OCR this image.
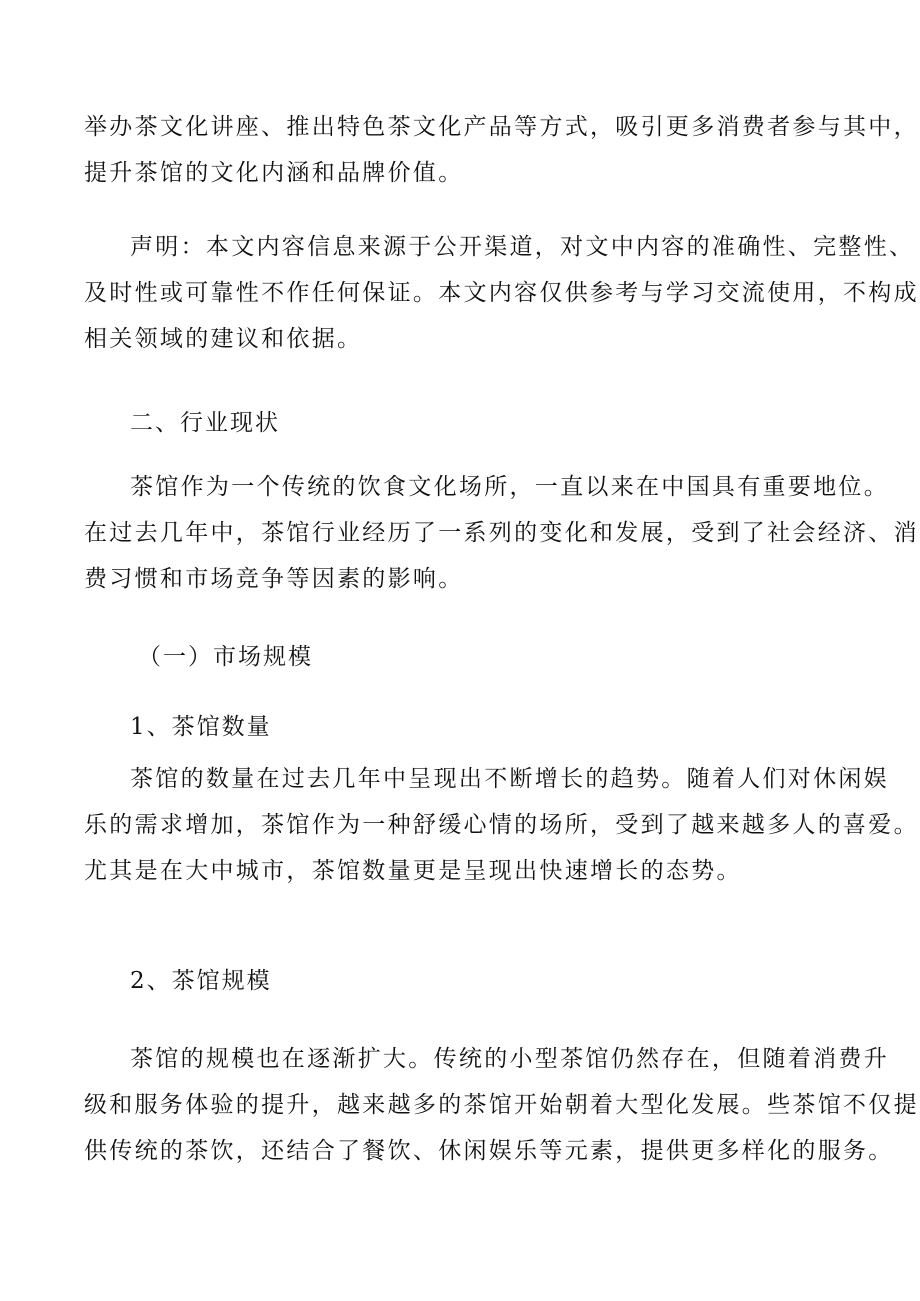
举办茶文化讲座、推出特色茶文化产品等方式，吸引更多消费者参与其中，
提升茶馆的文化内涵和品牌价值。

声明：本文内容信息来源于公开渠道，对文中内容的准确性、完整性、
及时性或可靠性不作任何保证。本文内容仅供参考与学习交流使用，不构成
相关领域的建议和依据。

二、行业现状

茶馆作为一个传统的饮食文化场所，一直以来在中国具有重要地位。
在过去几年中，茶馆行业经历了一系列的变化和发展，受到了社会经济、消
费习惯和市场竞争等因素的影响。

（一）市场规模
1、茶馆数量

茶馆的数量在过去几年中呈现出不断增长的趋势。随着人们对休闲娱
乐的需求增加，茶馆作为一种舒缓心情的场所，受到了越来越多人的喜爱。
尤其是在大中城市，茶馆数量更是呈现出快速增长的态势。

2、茶馆规模

茶馆的规模也在逐渐扩大。传统的小型茶馆仍然存在，但随着消费升
级和服务体验的提升，越来越多的茶馆开始朝着大型化发展。些茶馆不仅提
供传统的茶饮，还结合了餐饮、休闲娱乐等元素，提供更多样化的服务。
